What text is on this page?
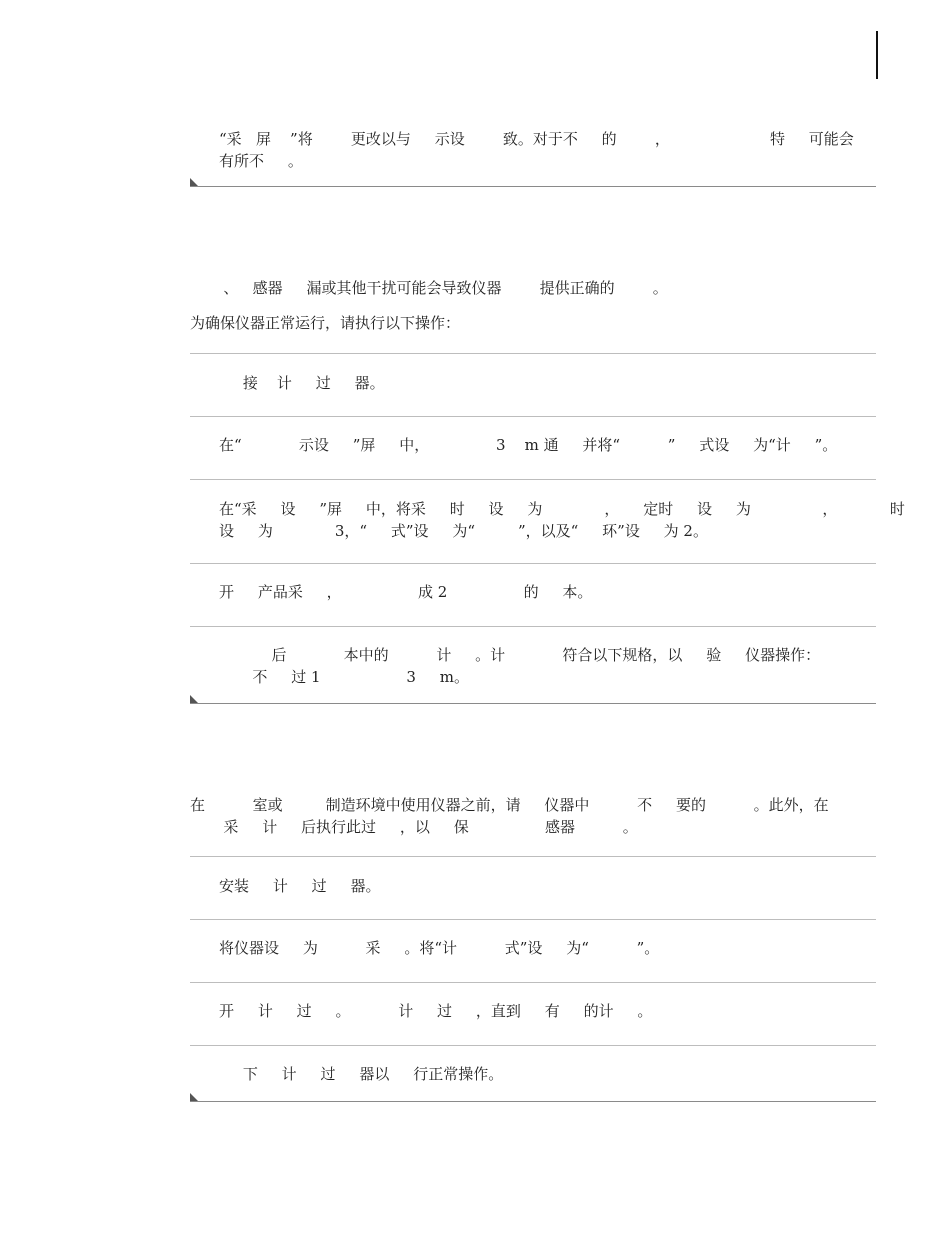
“采   屏    ”将        更改以与     示设        致。对于不     的        ，                     特     可能会
有所不     。
、   感器     漏或其他干扰可能会导致仪器        提供正确的        。
为确保仪器正常运行，请执行以下操作：
接    计     过     器。
在“            示设     ”屏     中，              3    m 通     并将“          ”     式设     为“计     ”。
在“采     设     ”屏     中，将采     时     设     为             ，     定时     设     为               ，           时
设     为             3，“     式”设     为“         ”，以及“     环”设     为 2。
开     产品采     ，                成 2                的     本。
后            本中的          计     。计            符合以下规格，以     验     仪器操作：
不     过 1                  3     m。
在          室或         制造环境中使用仪器之前，请     仪器中          不     要的          。此外，在
采     计     后执行此过     ，以     保                感器          。
安装     计     过     器。
将仪器设     为          采     。将“计          式”设     为“          ”。
开     计     过     。          计     过     ，直到     有     的计     。
下     计     过     器以     行正常操作。
